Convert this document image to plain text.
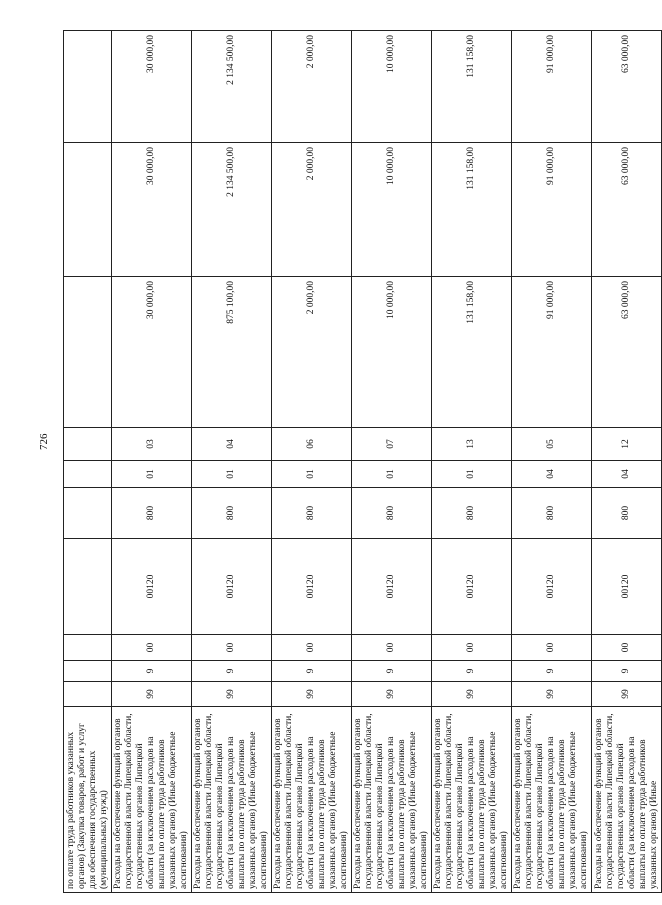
726
по оплате труда работников указанных органов) (Закупка товаров, работ и услуг для обеспечения государственных (муниципальных) нужд)										
Расходы на обеспечение функций органов государственной власти Липецкой области, государственных органов Липецкой области (за исключением расходов на выплаты по оплате труда работников указанных органов) (Иные бюджетные ассигнования)	99	9	00	00120	800	01	03	30 000,00	30 000,00	30 000,00
Расходы на обеспечение функций органов государственной власти Липецкой области, государственных органов Липецкой области (за исключением расходов на выплаты по оплате труда работников указанных органов) (Иные бюджетные ассигнования)	99	9	00	00120	800	01	04	875 100,00	2 134 500,00	2 134 500,00
Расходы на обеспечение функций органов государственной власти Липецкой области, государственных органов Липецкой области (за исключением расходов на выплаты по оплате труда работников указанных органов) (Иные бюджетные ассигнования)	99	9	00	00120	800	01	06	2 000,00	2 000,00	2 000,00
Расходы на обеспечение функций органов государственной власти Липецкой области, государственных органов Липецкой области (за исключением расходов на выплаты по оплате труда работников указанных органов) (Иные бюджетные ассигнования)	99	9	00	00120	800	01	07	10 000,00	10 000,00	10 000,00
Расходы на обеспечение функций органов государственной власти Липецкой области, государственных органов Липецкой области (за исключением расходов на выплаты по оплате труда работников указанных органов) (Иные бюджетные ассигнования)	99	9	00	00120	800	01	13	131 158,00	131 158,00	131 158,00
Расходы на обеспечение функций органов государственной власти Липецкой области, государственных органов Липецкой области (за исключением расходов на выплаты по оплате труда работников указанных органов) (Иные бюджетные ассигнования)	99	9	00	00120	800	04	05	91 000,00	91 000,00	91 000,00
Расходы на обеспечение функций органов государственной власти Липецкой области, государственных органов Липецкой области (за исключением расходов на выплаты по оплате труда работников указанных органов) (Иные	99	9	00	00120	800	04	12	63 000,00	63 000,00	63 000,00
